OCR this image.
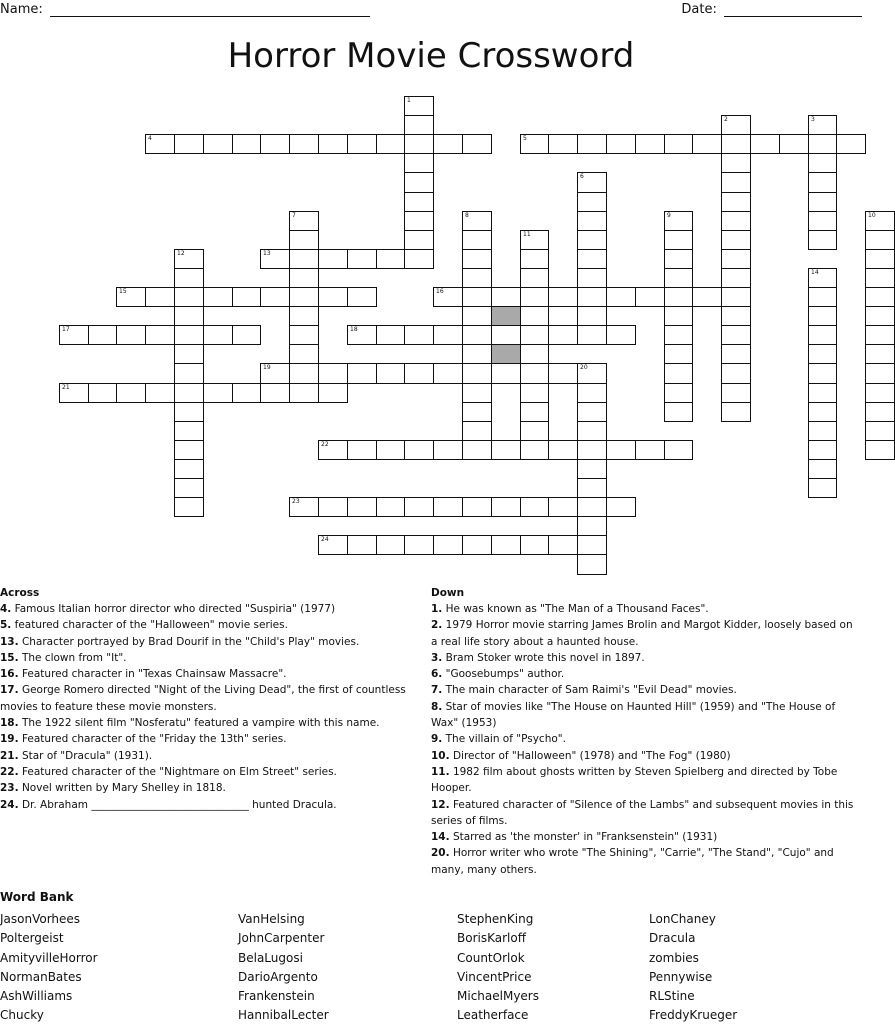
Name:	Date:
Horror Movie Crossword
1
2	3
4	5
6
7	8	9	10
11
12	13
14
15	16
17	18
19	20
21
22
23
24
Across
4. Famous Italian horror director who directed "Suspiria" (1977)
5. featured character of the "Halloween" movie series.
13. Character portrayed by Brad Dourif in the "Child's Play" movies.
15. The clown from "It".
16. Featured character in "Texas Chainsaw Massacre".
17. George Romero directed "Night of the Living Dead", the first of countless movies to feature these movie monsters.
18. The 1922 silent film "Nosferatu" featured a vampire with this name.
19. Featured character of the "Friday the 13th" series.
21. Star of "Dracula" (1931).
22. Featured character of the "Nightmare on Elm Street" series.
23. Novel written by Mary Shelley in 1818.
24. Dr. Abraham ______________________________ hunted Dracula.
Down
1. He was known as "The Man of a Thousand Faces".
2. 1979 Horror movie starring James Brolin and Margot Kidder, loosely based on a real life story about a haunted house.
3. Bram Stoker wrote this novel in 1897.
6. "Goosebumps" author.
7. The main character of Sam Raimi's "Evil Dead" movies.
8. Star of movies like "The House on Haunted Hill" (1959) and "The House of Wax" (1953)
9. The villain of "Psycho".
10. Director of "Halloween" (1978) and "The Fog" (1980)
11. 1982 film about ghosts written by Steven Spielberg and directed by Tobe Hooper.
12. Featured character of "Silence of the Lambs" and subsequent movies in this series of films.
14. Starred as 'the monster' in "Franksenstein" (1931)
20. Horror writer who wrote "The Shining", "Carrie", "The Stand", "Cujo" and many, many others.
Word Bank
JasonVorhees
Poltergeist
AmityvilleHorror
NormanBates
AshWilliams
Chucky
VanHelsing
JohnCarpenter
BelaLugosi
DarioArgento
Frankenstein
HannibalLecter
StephenKing
BorisKarloff
CountOrlok
VincentPrice
MichaelMyers
Leatherface
LonChaney
Dracula
zombies
Pennywise
RLStine
FreddyKrueger
